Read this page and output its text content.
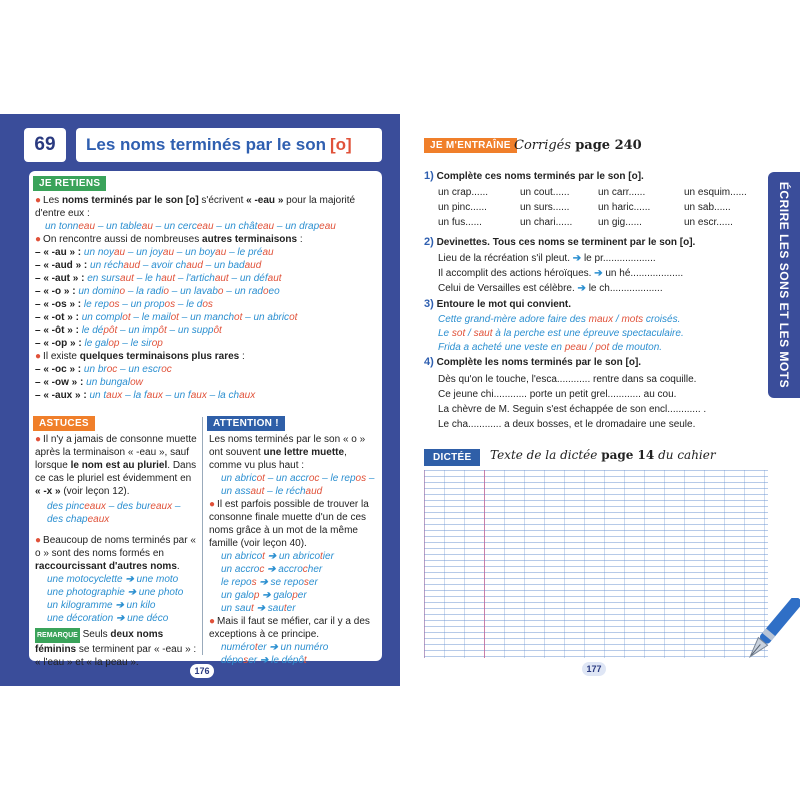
69	Les noms terminés par le son [o]
JE RETIENS
● Les noms terminés par le son [o] s'écrivent « -eau » pour la majorité d'entre eux :
un tonneau – un tableau – un cerceau – un château – un drapeau
● On rencontre aussi de nombreuses autres terminaisons :
– « -au » : un noyau – un joyau – un boyau – le préau
– « -aud » : un réchaud – avoir chaud – un badaud
– « -aut » : en sursaut – le haut – l'artichaut – un défaut
– « -o » : un domino – la radio – un lavabo – un radoeo
– « -os » : le repos – un propos – le dos
– « -ot » : un complot – le mailot – un manchot – un abricot
– « -ôt » : le dépôt – un impôt – un suppôt
– « -op » : le galop – le sirop
● Il existe quelques terminaisons plus rares :
– « -oc » : un broc – un escroc
– « -ow » : un bungalow
– « -aux » : un taux – la faux – un faux – la chaux
ASTUCES	ATTENTION !
● Il n'y a jamais de consonne muette après la terminaison « -eau », sauf lorsque le nom est au pluriel. Dans ce cas le pluriel est évidemment en « -x » (voir leçon 12).
des pinceaux – des bureaux – des chapeaux
● Beaucoup de noms terminés par « o » sont des noms formés en raccourcissant d'autres noms.
une motocyclette ➔ une moto
une photographie ➔ une photo
un kilogramme ➔ un kilo
une décoration ➔ une déco
REMARQUE Seuls deux noms féminins se terminent par « -eau » : « l'eau » et « la peau ».
Les noms terminés par le son « o » ont souvent une lettre muette, comme vu plus haut :
un abricot – un accroc – le repos – un assaut – le réchaud
● Il est parfois possible de trouver la consonne finale muette d'un de ces noms grâce à un mot de la même famille (voir leçon 40).
un abricot ➔ un abricotier
un accroc ➔ accrocher
le repos ➔ se reposer
un galop ➔ galoper
un saut ➔ sauter
● Mais il faut se méfier, car il y a des exceptions à ce principe.
numéroter ➔ un numéro
déposer ➔ le dépôt
176
JE M'ENTRAÎNE Corrigés page 240
1) Complète ces noms terminés par le son [o].
un crap......	un cout......	un carr......	un esquim......
un pinc......	un surs......	un haric......	un sab......
un fus......	un chari......	un gig......	un escr......
2) Devinettes. Tous ces noms se terminent par le son [o].
Lieu de la récréation s'il pleut. ➔ le pr...................
Il accomplit des actions héroïques. ➔ un hé...................
Celui de Versailles est célèbre. ➔ le ch...................
3) Entoure le mot qui convient.
Cette grand-mère adore faire des maux / mots croisés.
Le sot / saut à la perche est une épreuve spectaculaire.
Frida a acheté une veste en peau / pot de mouton.
4) Complète les noms terminés par le son [o].
Dès qu'on le touche, l'esca............ rentre dans sa coquille.
Ce jeune chi............ porte un petit grel............ au cou.
La chèvre de M. Seguin s'est échappée de son encl............ .
Le cha............ a deux bosses, et le dromadaire une seule.
DICTÉE	Texte de la dictée page 14 du cahier
177
ÉCRIRE LES SONS ET LES MOTS
